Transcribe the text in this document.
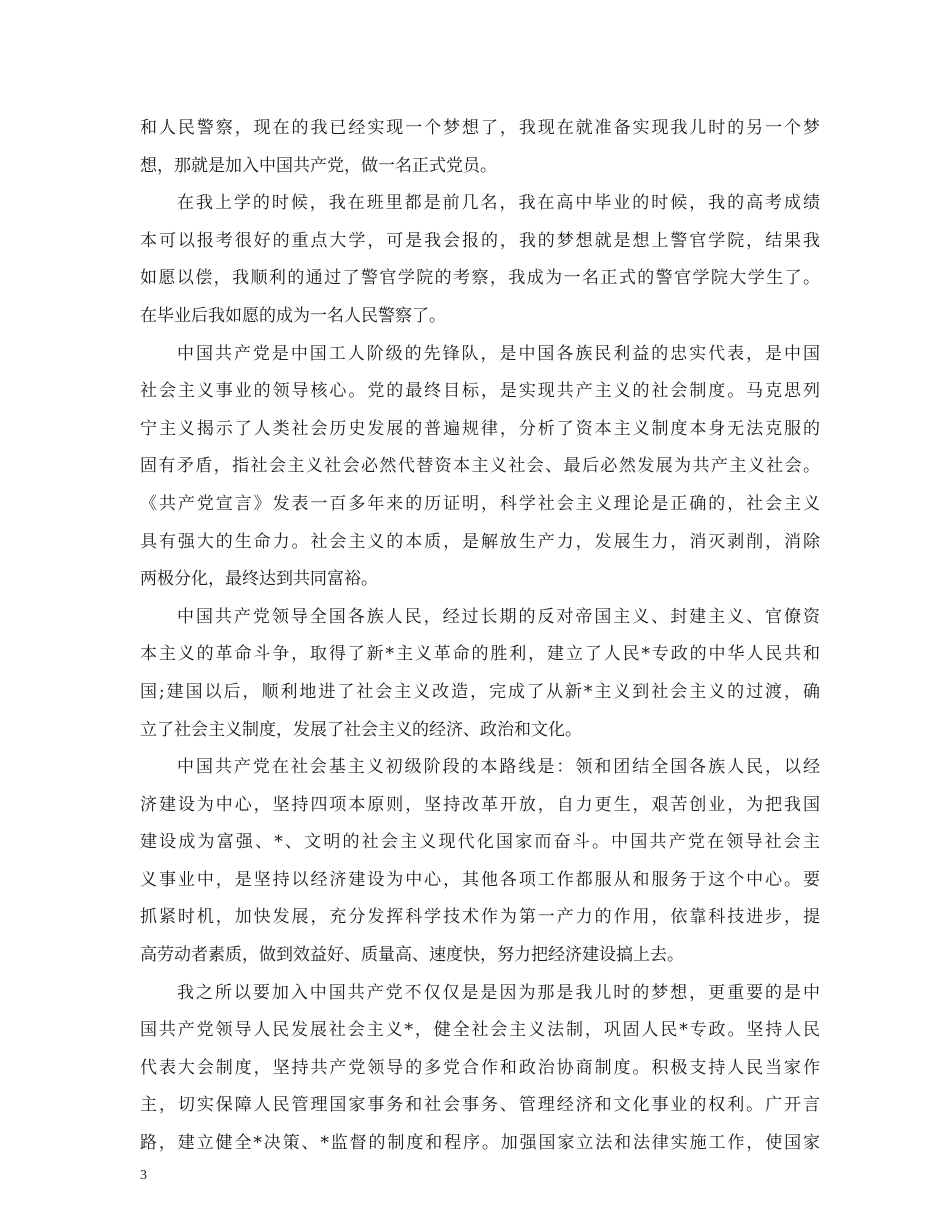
和人民警察，现在的我已经实现一个梦想了，我现在就准备实现我儿时的另一个梦
想，那就是加入中国共产党，做一名正式党员。
在我上学的时候，我在班里都是前几名，我在高中毕业的时候，我的高考成绩
本可以报考很好的重点大学，可是我会报的，我的梦想就是想上警官学院，结果我
如愿以偿，我顺利的通过了警官学院的考察，我成为一名正式的警官学院大学生了。
在毕业后我如愿的成为一名人民警察了。
中国共产党是中国工人阶级的先锋队，是中国各族民利益的忠实代表，是中国
社会主义事业的领导核心。党的最终目标，是实现共产主义的社会制度。马克思列
宁主义揭示了人类社会历史发展的普遍规律，分析了资本主义制度本身无法克服的
固有矛盾，指社会主义社会必然代替资本主义社会、最后必然发展为共产主义社会。
《共产党宣言》发表一百多年来的历证明，科学社会主义理论是正确的，社会主义
具有强大的生命力。社会主义的本质，是解放生产力，发展生力，消灭剥削，消除
两极分化，最终达到共同富裕。
中国共产党领导全国各族人民，经过长期的反对帝国主义、封建主义、官僚资
本主义的革命斗争，取得了新*主义革命的胜利，建立了人民*专政的中华人民共和
国;建国以后，顺利地进了社会主义改造，完成了从新*主义到社会主义的过渡，确
立了社会主义制度，发展了社会主义的经济、政治和文化。
中国共产党在社会基主义初级阶段的本路线是：领和团结全国各族人民，以经
济建设为中心，坚持四项本原则，坚持改革开放，自力更生，艰苦创业，为把我国
建设成为富强、*、文明的社会主义现代化国家而奋斗。中国共产党在领导社会主
义事业中，是坚持以经济建设为中心，其他各项工作都服从和服务于这个中心。要
抓紧时机，加快发展，充分发挥科学技术作为第一产力的作用，依靠科技进步，提
高劳动者素质，做到效益好、质量高、速度快，努力把经济建设搞上去。
我之所以要加入中国共产党不仅仅是是因为那是我儿时的梦想，更重要的是中
国共产党领导人民发展社会主义*，健全社会主义法制，巩固人民*专政。坚持人民
代表大会制度，坚持共产党领导的多党合作和政治协商制度。积极支持人民当家作
主，切实保障人民管理国家事务和社会事务、管理经济和文化事业的权利。广开言
路，建立健全*决策、*监督的制度和程序。加强国家立法和法律实施工作，使国家
3
